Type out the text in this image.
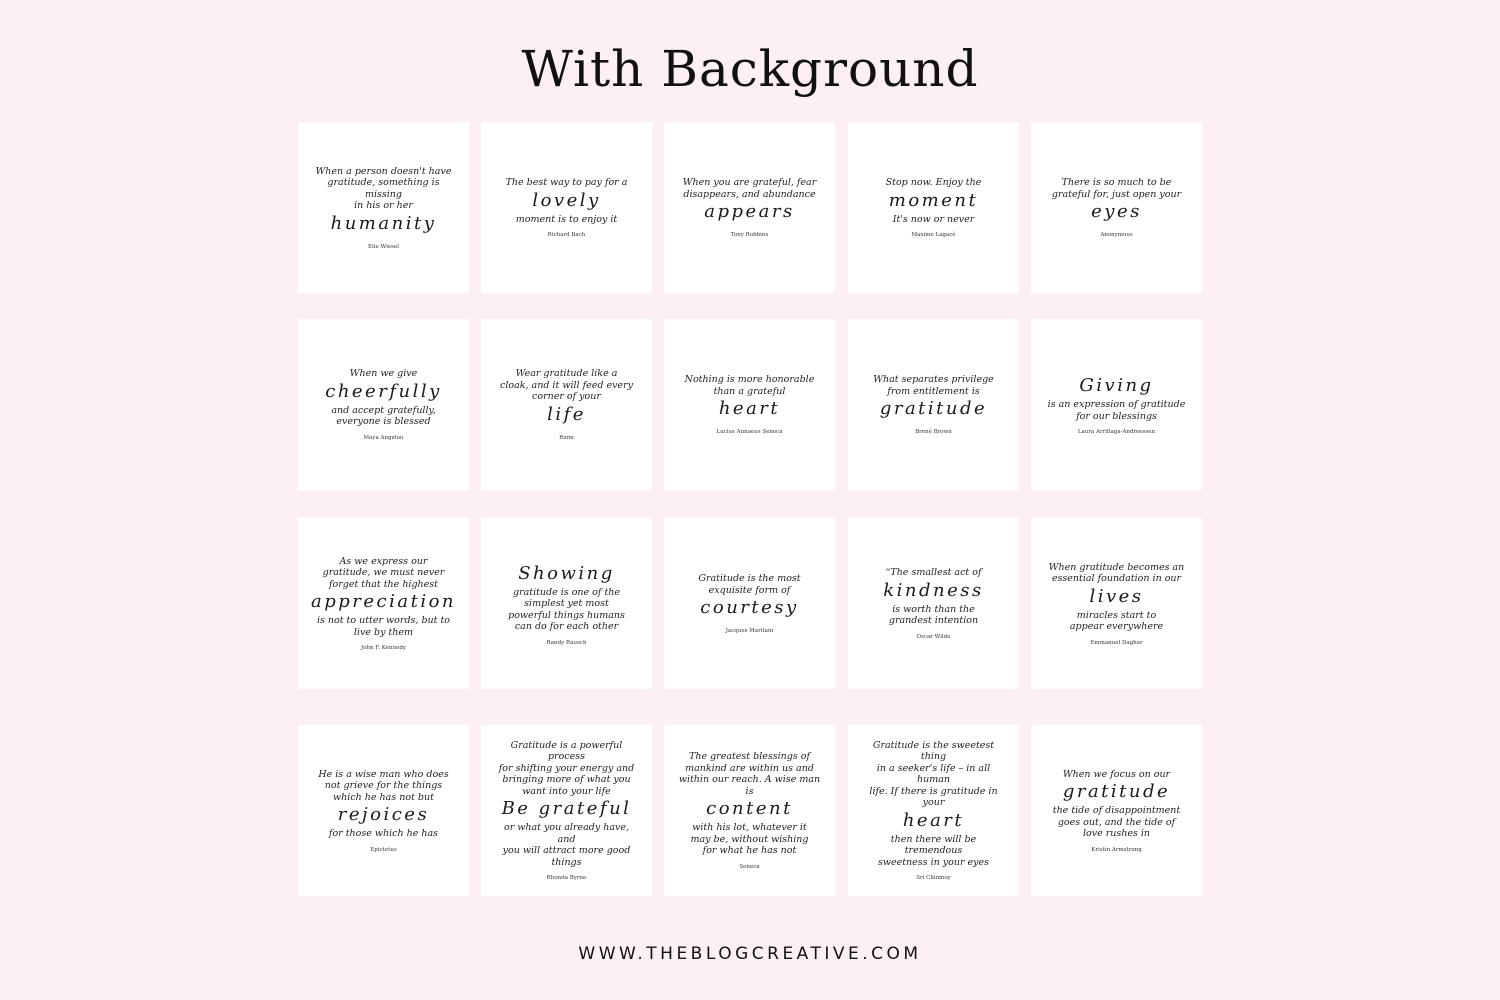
With Background
When a person doesn't have
gratitude, something is missing
in his or her
humanity
Elie Wiesel
The best way to pay for a
lovely
moment is to enjoy it
Richard Bach
When you are grateful, fear
disappears, and abundance
appears
Tony Robbins
Stop now. Enjoy the
moment
It's now or never
Maxime Lagacé
There is so much to be
grateful for, just open your
eyes
Anonymous
When we give
cheerfully
and accept gratefully,
everyone is blessed
Maya Angelou
Wear gratitude like a
cloak, and it will feed every
corner of your
life
Rumi
Nothing is more honorable
than a grateful
heart
Lucius Annaeus Seneca
What separates privilege
from entitlement is
gratitude
Brené Brown
Giving
is an expression of gratitude
for our blessings
Laura Arrillaga-Andreessen
As we express our
gratitude, we must never
forget that the highest
appreciation
is not to utter words, but to
live by them
John F. Kennedy
Showing
gratitude is one of the
simplest yet most
powerful things humans
can do for each other
Randy Rausch
Gratitude is the most
exquisite form of
courtesy
Jacques Maritain
“The smallest act of
kindness
is worth than the
grandest intention
Oscar Wilde
When gratitude becomes an
essential foundation in our
lives
miracles start to
appear everywhere
Emmanuel Dagher
He is a wise man who does
not grieve for the things
which he has not but
rejoices
for those which he has
Epictetus
Gratitude is a powerful process
for shifting your energy and
bringing more of what you
want into your life
Be grateful
or what you already have, and
you will attract more good things
Rhonda Byrne
The greatest blessings of
mankind are within us and
within our reach. A wise man is
content
with his lot, whatever it
may be, without wishing
for what he has not
Seneca
Gratitude is the sweetest thing
in a seeker's life – in all human
life. If there is gratitude in your
heart
then there will be tremendous
sweetness in your eyes
Sri Chinmoy
When we focus on our
gratitude
the tide of disappointment
goes out, and the tide of
love rushes in
Kristin Armstrong
WWW.THEBLOGCREATIVE.COM
